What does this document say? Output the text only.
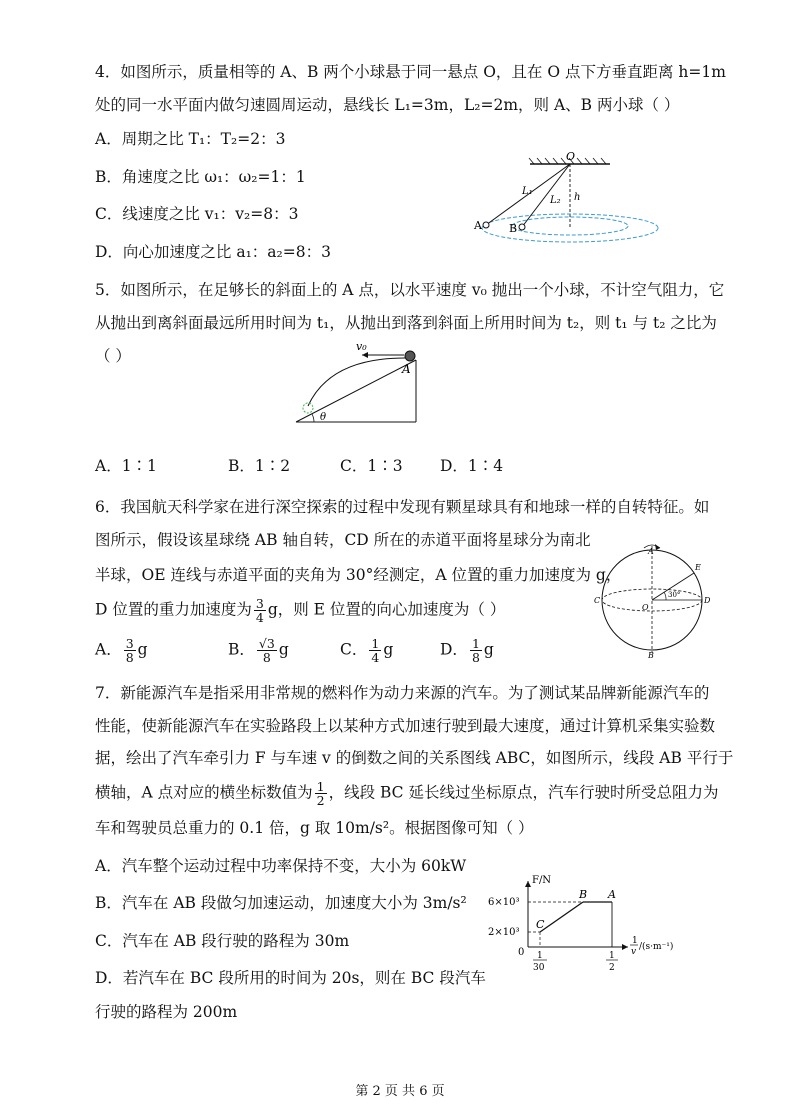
4．如图所示，质量相等的 A、B 两个小球悬于同一悬点 O，且在 O 点下方垂直距离 h=1m
处的同一水平面内做匀速圆周运动，悬线长 L₁=3m，L₂=2m，则 A、B 两小球（ ）
A．周期之比 T₁：T₂=2：3
B．角速度之比 ω₁：ω₂=1：1
C．线速度之比 v₁：v₂=8：3
D．向心加速度之比 a₁：a₂=8：3
O
A B
L₁
L₂ h
5．如图所示，在足够长的斜面上的 A 点，以水平速度 v₀ 抛出一个小球，不计空气阻力，它
从抛出到离斜面最远所用时间为 t₁，从抛出到落到斜面上所用时间为 t₂，则 t₁ 与 t₂ 之比为
（ ）
v₀
A
θ
A．1∶1	B．1∶2	C．1∶3 D．1∶4
6．我国航天科学家在进行深空探索的过程中发现有颗星球具有和地球一样的自转特征。如
图所示，假设该星球绕 AB 轴自转，CD 所在的赤道平面将星球分为南北
半球，OE 连线与赤道平面的夹角为 30°经测定，A 位置的重力加速度为 g，
D 位置的重力加速度为 $\frac{3}{4}$ g，则 E 位置的向心加速度为（ ）
A． $\frac{3}{8}$ g	B． $\frac{√3}{8}$ g	C． $\frac{1}{4}$ g	D． $\frac{1}{8}$ g
A
B
C	D
E
O
30°
7．新能源汽车是指采用非常规的燃料作为动力来源的汽车。为了测试某品牌新能源汽车的
性能，使新能源汽车在实验路段上以某种方式加速行驶到最大速度，通过计算机采集实验数
据，绘出了汽车牵引力 F 与车速 v 的倒数之间的关系图线 ABC，如图所示，线段 AB 平行于
横轴，A 点对应的横坐标数值为 $\frac{1}{2}$ ，线段 BC 延长线过坐标原点，汽车行驶时所受总阻力为
车和驾驶员总重力的 0.1 倍，g 取 10m/s²。根据图像可知（ ）
A．汽车整个运动过程中功率保持不变，大小为 60kW
B．汽车在 AB 段做匀加速运动，加速度大小为 3m/s²
C．汽车在 AB 段行驶的路程为 30m
D．若汽车在 BC 段所用的时间为 20s，则在 BC 段汽车
行驶的路程为 200m
F/N
6×10³
2×10³
0
B A
C
1
30
1
2
1
v /(s·m⁻¹)
第 2 页 共 6 页
